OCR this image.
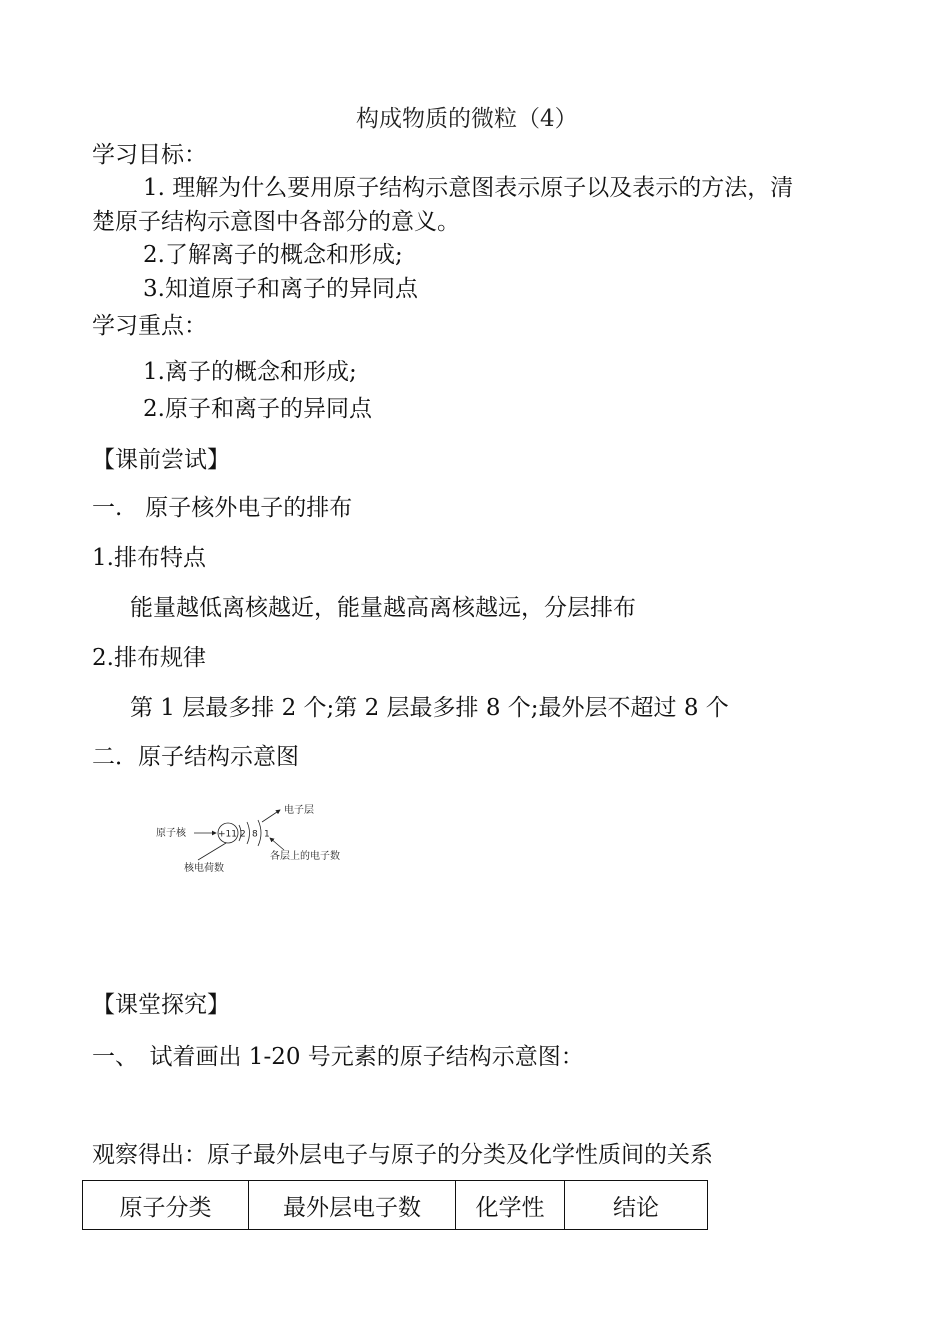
构成物质的微粒（4）
学习目标：
1. 理解为什么要用原子结构示意图表示原子以及表示的方法，清
楚原子结构示意图中各部分的意义。
2.了解离子的概念和形成;
3.知道原子和离子的异同点
学习重点：
1.离子的概念和形成;
2.原子和离子的异同点
【课前尝试】
一.　原子核外电子的排布
1.排布特点
能量越低离核越近，能量越高离核越远，分层排布
2.排布规律
第 1 层最多排 2 个;第 2 层最多排 8 个;最外层不超过 8 个
二．原子结构示意图
原子核	+11 2 8 1
核电荷数
电子层
各层上的电子数
【课堂探究】
一、　试着画出 1-20 号元素的原子结构示意图：
观察得出：原子最外层电子与原子的分类及化学性质间的关系
原子分类	最外层电子数	化学性	结论
